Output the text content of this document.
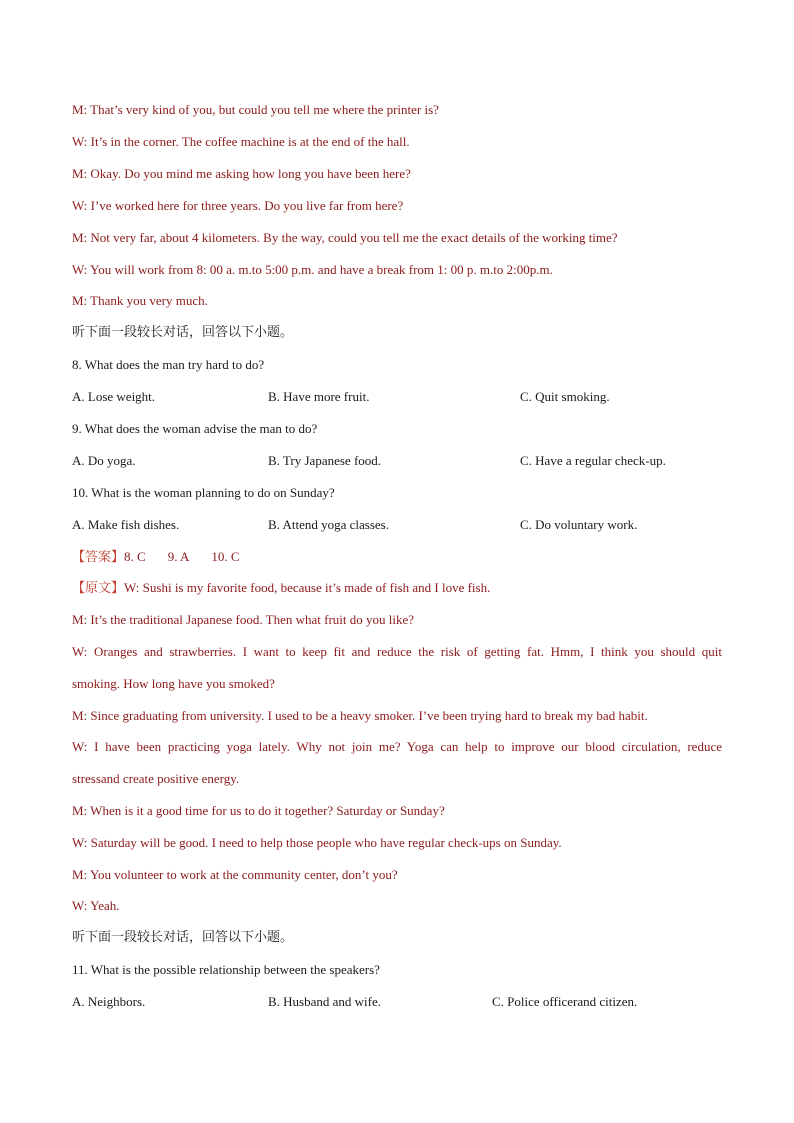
M: That’s very kind of you, but could you tell me where the printer is?
W: It’s in the corner. The coffee machine is at the end of the hall.
M: Okay. Do you mind me asking how long you have been here?
W: I’ve worked here for three years. Do you live far from here?
M: Not very far, about 4 kilometers. By the way, could you tell me the exact details of the working time?
W: You will work from 8: 00 a. m.to 5:00 p.m. and have a break from 1: 00 p. m.to 2:00p.m.
M: Thank you very much.
听下面一段较长对话，回答以下小题。
8. What does the man try hard to do?
A. Lose weight.	B. Have more fruit.	C. Quit smoking.
9. What does the woman advise the man to do?
A. Do yoga.	B. Try Japanese food.	C. Have a regular check-up.
10. What is the woman planning to do on Sunday?
A. Make fish dishes.	B. Attend yoga classes.	C. Do voluntary work.
【答案】8. C 9. A 10. C
【原文】W: Sushi is my favorite food, because it’s made of fish and I love fish.
M: It’s the traditional Japanese food. Then what fruit do you like?
W: Oranges and strawberries. I want to keep fit and reduce the risk of getting fat. Hmm, I think you should quit
smoking. How long have you smoked?
M: Since graduating from university. I used to be a heavy smoker. I’ve been trying hard to break my bad habit.
W: I have been practicing yoga lately. Why not join me? Yoga can help to improve our blood circulation, reduce
stressand create positive energy.
M: When is it a good time for us to do it together? Saturday or Sunday?
W: Saturday will be good. I need to help those people who have regular check-ups on Sunday.
M: You volunteer to work at the community center, don’t you?
W: Yeah.
听下面一段较长对话，回答以下小题。
11. What is the possible relationship between the speakers?
A. Neighbors.	B. Husband and wife.	C. Police officerand citizen.
